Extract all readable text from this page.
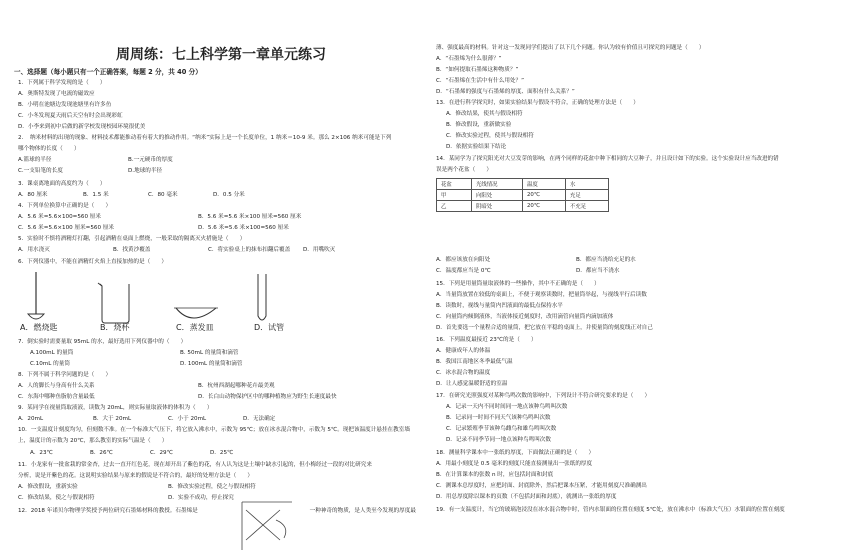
周周练：七上科学第一章单元练习
一、选择题（每小题只有一个正确答案，每题 2 分，共 40 分）
1．下列属于科学发现的是（　　）
A．奥斯特发现了电流的磁效应
B．小明在池塘边发现池塘里有许多鱼
C．小冬发现夏天雨后天空有时会出现彩虹
D．小李来到初中后做的新学校发现校园环境很优美
2．　纳米材料的出现的现象、材料技术都能推动着有着大的推动作用。“纳米”实际上是一个长度单位，1 纳米＝10-9 米。那么 2×106 纳米可能是下列
哪个物体的长度（　　）
A.篮球的半径	B.一元硬币的厚度
C.一支铅笔的长度	D.地球的半径
3．课桌离地面的高度约为（　　）
A．80 厘米	B．1.5 米	C．80 毫米	D．0.5 分米
4．下列单位换算中正确的是（　　）
A．5.6 米=5.6×100=560 厘米	B．5.6 米=5.6 米×100 厘米=560 厘米
C．5.6 米=5.6×100 厘米=560 厘米	D．5.6 米=5.6 米×100=560 厘米
5．实验时不慎将酒精灯打翻，引起酒精在桌面上燃烧，一般采取的隔离灭火措施是（　　）
A．用水浇灭	B．找黄沙覆盖	C．将实验桌上的抹布扣翻后覆盖	D．用嘴吹灭
6．下列仪器中，不能在酒精灯火焰上直接加热的是（　　）
A．燃烧匙	B．烧杯	C．蒸发皿	D．试管
7．倒实验时需要量取 95mL 的水，最好选用下列仪器中的（　　）
A.100mL 的量筒	B. 50mL 的量筒和滴管
C.10mL 的量筒	D. 100mL 的量筒和滴管
8．下列不属于科学问题的是（　　）
A．人的脚长与身高有什么关系	B．杭州西湖起哪种花卉最美观
C．东海中哪种鱼脂肪含量最低	D．长白山动物保护区中的哪种植物应为野生长速度最快
9．某同学在视量筒取液液，读数为 20mL，则实际量取液体的体积为（　　）
A．20mL	B．大于 20mL	C．小于 20mL	D．无法确定
10．一支温度计刻度均匀，但刻数不准。在一个标准大气压下，将它放入沸水中，示数为 95℃；放在冰水混合物中，示数为 5℃。现把该温度计悬挂在教室墙
上，温度计的示数为 20℃，那么教室的实际气温是（　　）
A．23℃	B．26℃	C．29℃	D．25℃
11．小龙家有一批盆栽的常金杏，过去一直开红色花，现在却开出了紫色的花，有人认为这是土壤中缺水引起的，但小梅经过一段的对比研究来
分析，说是开紫色的花。这说明实验结果与原来的假说是不符合的，最好的处理方法是（　　）
A．修改假设，重新实验	B．修改实验过程，使之与假设相符
C．修改结果，使之与假说相符	D．实验不成功，停止探究
12．2018 年诺贝尔物理学奖授予两位研究石墨烯材料的教授。石墨烯是　　　　　　　　　　　　　　　　　　　　一种神奇的物质，是人类至今发现的厚度最
薄、强度最高的材料。针对这一发现同学们提出了以下几个问题。你认为较有价值且可探究的问题是（　　）
A．“石墨烯为什么很薄？”
B．“如何提取石墨烯这种物质？”
C．“石墨烯在生活中有什么用处？”
D．“石墨烯的强度与石墨烯的厚度、面积有什么关系？”
13．在进行科学探究时，如果实验结果与假设不符合，正确的处理方法是（　　）
A．修改结果，使其与假设相符
B．修改假设，重新做实验
C．修改实验过程，使其与假设相符
D．依据实验结果下结论
14．某同学为了探究阳光对大豆发芽的影响，在两个同样的花盆中种下相同的大豆种子，并且设计如下的实验。这个实验设计应当改进的错
误是两个花盆（　　）
花盆	光线情况	温度	水
甲	向阳处	20℃	充足
乙	阴暗处	20℃	不充足
A．都应该放在向阳处	B．都应当浇给充足的水
C．温度都应当是 0℃	D．都应当不浇水
15．下列是用量筒量取液体的一些操作，其中不正确的是（　　）
A．当量筒放置在较低的桌面上，不便于观察读数时，把量筒举起，与视线平行后读数
B．读数时，视线与量筒内凹液面的最低点保持水平
C．向量筒内倾倒液体，当液体接近刻度时，改用滴管向量筒内滴加液体
D．首先要选一个量程合适的量筒，把它放在平稳的桌面上，并使量筒的刻度线正对自己
16．下列温度最接近 23℃的是（　　）
A．健康成年人的体温
B．我国江南地区冬季最低气温
C．冰水混合物的温度
D．让人感觉温暖舒适的室温
17．在研究光照强度对某种鸟鸣次数的影响中，下列设计不符合研究要求的是（　　）
A．记录一天内不同时间同一地点该种鸟鸣叫次数
B．记录同一时间不同天气该种鸟鸣叫次数
C．记录繁殖季节该种鸟雌鸟和雄鸟鸣叫次数
D．记录不同季节同一地点该种鸟鸣叫次数
18．测量科学课本中一张纸的厚度，下面做法正确的是（　　）
A．用最小刻度是 0.5 毫米的刻度尺能直接测量出一张纸的厚度
B．在计算课本的张数 n 时，应包括封面和封底
C．测课本总厚度时，应把封面、封底除外，然后把课本压紧，才能用刻度尺准确测出
D．用总厚度除以课本的页数（不包括封面和封底），就测出一张纸的厚度
19．有一支温度计，当它的玻璃泡浸没在冰水混合物中时，管内水银面的位置在刻度 5℃处，放在沸水中（标准大气压）水银面的位置在刻度
